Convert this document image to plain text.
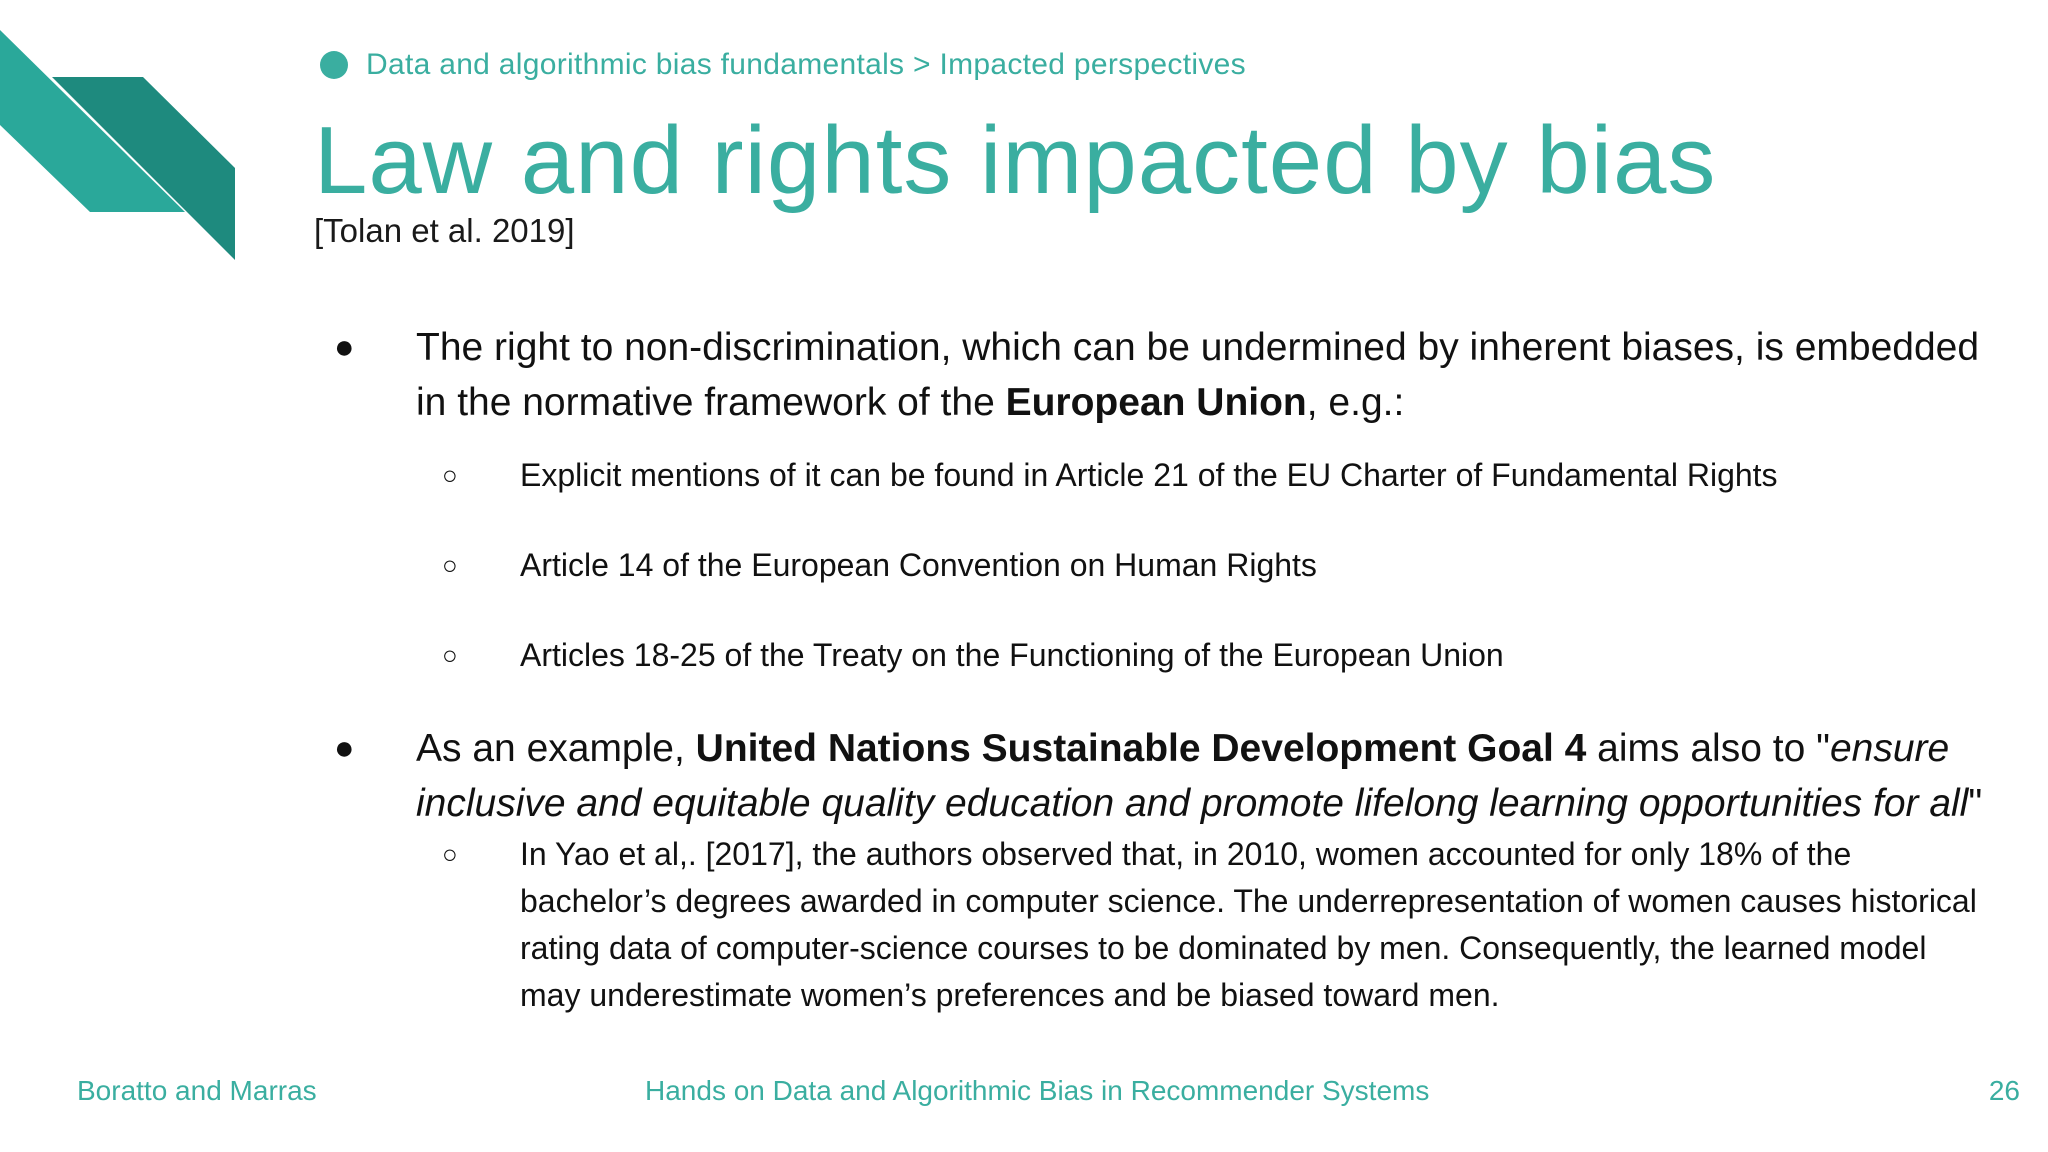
Data and algorithmic bias fundamentals > Impacted perspectives
Law and rights impacted by bias
[Tolan et al. 2019]
● The right to non-discrimination, which can be undermined by inherent biases, is embedded in the normative framework of the European Union, e.g.:
○ Explicit mentions of it can be found in Article 21 of the EU Charter of Fundamental Rights
○ Article 14 of the European Convention on Human Rights
○ Articles 18-25 of the Treaty on the Functioning of the European Union
● As an example, United Nations Sustainable Development Goal 4 aims also to "ensure inclusive and equitable quality education and promote lifelong learning opportunities for all"
○ In Yao et al,. [2017], the authors observed that, in 2010, women accounted for only 18% of the bachelor’s degrees awarded in computer science. The underrepresentation of women causes historical rating data of computer-science courses to be dominated by men. Consequently, the learned model may underestimate women’s preferences and be biased toward men.
Boratto and Marras	Hands on Data and Algorithmic Bias in Recommender Systems	26
